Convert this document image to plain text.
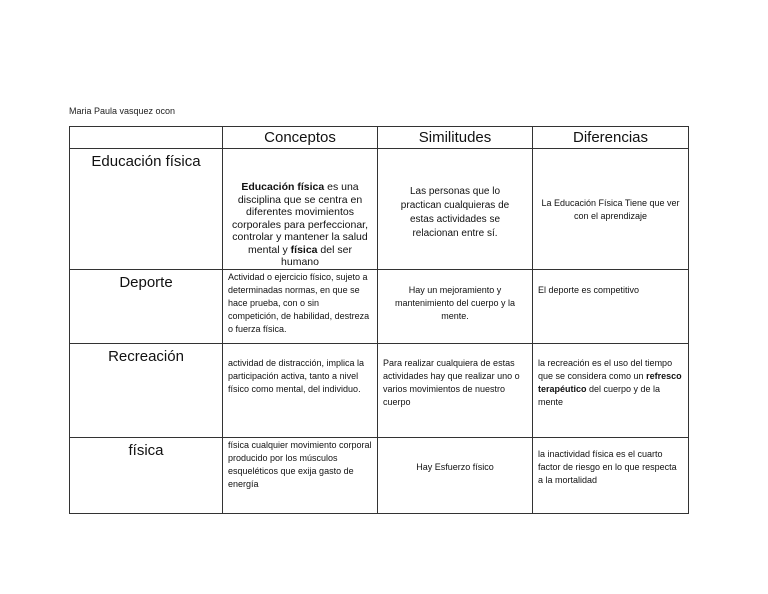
Maria Paula vasquez ocon
	Conceptos	Similitudes	Diferencias

Educación física	Educación física es una disciplina que se centra en diferentes movimientos corporales para perfeccionar, controlar y mantener la salud mental y física del ser humano	Las personas que lo practican cualquieras de estas actividades se relacionan entre sí.	La Educación Física Tiene que ver con el aprendizaje

Deporte	Actividad o ejercicio físico, sujeto a determinadas normas, en que se hace prueba, con o sin competición, de habilidad, destreza o fuerza física.	Hay un mejoramiento y mantenimiento del cuerpo y la mente.	El deporte es competitivo

Recreación	actividad de distracción, implica la participación activa, tanto a nivel físico como mental, del individuo.	Para realizar cualquiera de estas actividades hay que realizar uno o varios movimientos de nuestro cuerpo	la recreación es el uso del tiempo que se considera como un refresco terapéutico del cuerpo y de la mente

física	física cualquier movimiento corporal producido por los músculos esqueléticos que exija gasto de energía	Hay Esfuerzo físico	la inactividad física es el cuarto factor de riesgo en lo que respecta a la mortalidad
